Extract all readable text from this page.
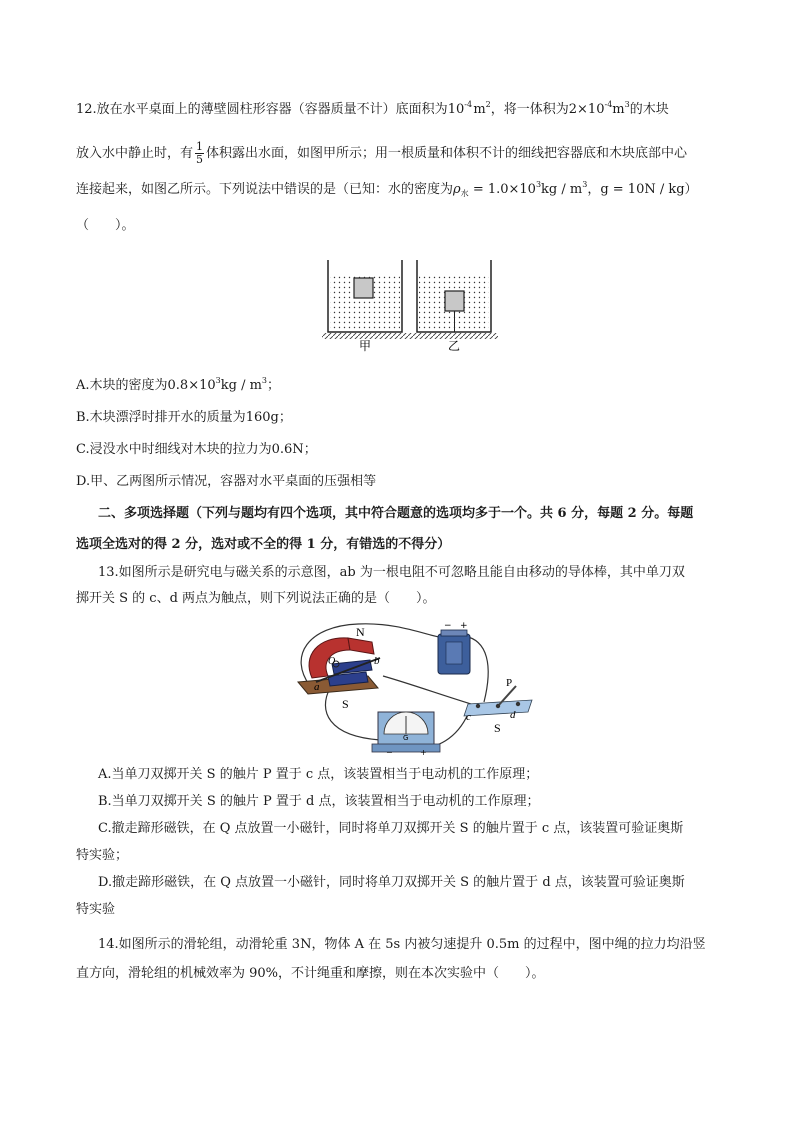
12.放在水平桌面上的薄壁圆柱形容器（容器质量不计）底面积为$10^{-4}$ $m^2$，将一体积为$2\times 10^{-4}m^3$的木块
放入水中静止时，有 $\frac{1}{5}$ 体积露出水面，如图甲所示；用一根质量和体积不计的细线把容器底和木块底部中心
连接起来，如图乙所示。下列说法中错误的是（已知：水的密度为$\rho_水 = 1.0\times 10^3kg / m^3$，g = 10N / kg）
（　　）。
甲	乙
A.木块的密度为$0.8\times 10^3kg / m^3$；
B.木块漂浮时排开水的质量为160g；
C.浸没水中时细线对木块的拉力为0.6N；
D.甲、乙两图所示情况，容器对水平桌面的压强相等
二、多项选择题（下列与题均有四个选项，其中符合题意的选项均多于一个。共 6 分，每题 2 分。每题
选项全选对的得 2 分，选对或不全的得 1 分，有错选的不得分）
13.如图所示是研究电与磁关系的示意图，ab 为一根电阻不可忽略且能自由移动的导体棒，其中单刀双
掷开关 S 的 c、d 两点为触点，则下列说法正确的是（　　）。
N
S
b
a
O
− +
G
−	+
P
c	d
S
A.当单刀双掷开关 S 的触片 P 置于 c 点，该装置相当于电动机的工作原理；
B.当单刀双掷开关 S 的触片 P 置于 d 点，该装置相当于电动机的工作原理；
C.撤走蹄形磁铁，在 Q 点放置一小磁针，同时将单刀双掷开关 S 的触片置于 c 点，该装置可验证奥斯
特实验；
D.撤走蹄形磁铁，在 Q 点放置一小磁针，同时将单刀双掷开关 S 的触片置于 d 点，该装置可验证奥斯
特实验
14.如图所示的滑轮组，动滑轮重 3N，物体 A 在 5s 内被匀速提升 0.5m 的过程中，图中绳的拉力均沿竖
直方向，滑轮组的机械效率为 90%，不计绳重和摩擦，则在本次实验中（　　）。
